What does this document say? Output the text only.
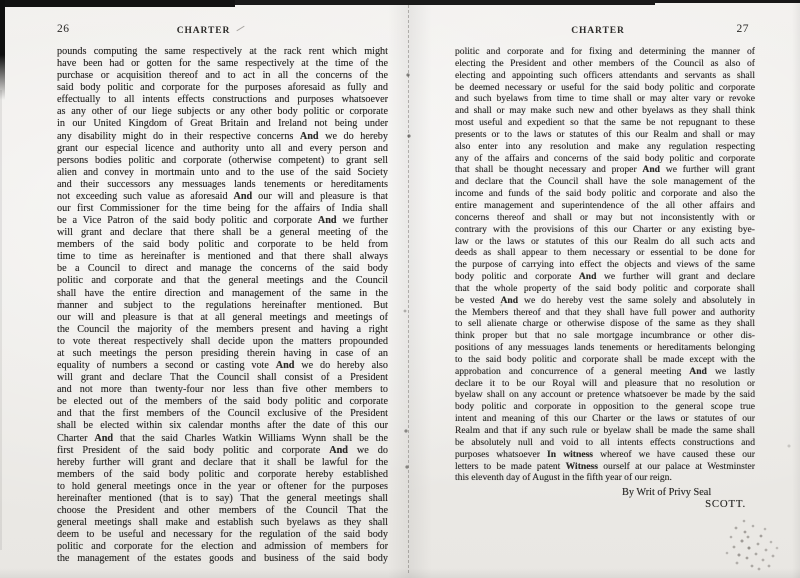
26	CHARTER
pounds computing the same respectively at the rack rent which might
have been had or gotten for the same respectively at the time of the
purchase or acquisition thereof and to act in all the concerns of the
said body politic and corporate for the purposes aforesaid as fully and
effectually to all intents effects constructions and purposes whatsoever
as any other of our liege subjects or any other body politic or corporate
in our United Kingdom of Great Britain and Ireland not being under
any disability might do in their respective concerns And we do hereby
grant our especial licence and authority unto all and every person and
persons bodies politic and corporate (otherwise competent) to grant sell
alien and convey in mortmain unto and to the use of the said Society
and their successors any messuages lands tenements or hereditaments
not exceeding such value as aforesaid And our will and pleasure is that
our first Commissioner for the time being for the affairs of India shall
be a Vice Patron of the said body politic and corporate And we further
will grant and declare that there shall be a general meeting of the
members of the said body politic and corporate to be held from
time to time as hereinafter is mentioned and that there shall always
be a Council to direct and manage the concerns of the said body
politic and corporate and that the general meetings and the Council
shall have the entire direction and management of the same in the
manner and subject to the regulations hereinafter mentioned. But
our will and pleasure is that at all general meetings and meetings of
the Council the majority of the members present and having a right
to vote thereat respectively shall decide upon the matters propounded
at such meetings the person presiding therein having in case of an
equality of numbers a second or casting vote And we do hereby also
will grant and declare That the Council shall consist of a President
and not more than twenty-four nor less than five other members to
be elected out of the members of the said body politic and corporate
and that the first members of the Council exclusive of the President
shall be elected within six calendar months after the date of this our
Charter And that the said Charles Watkin Williams Wynn shall be the
first President of the said body politic and corporate And we do
hereby further will grant and declare that it shall be lawful for the
members of the said body politic and corporate hereby established
to hold general meetings once in the year or oftener for the purposes
hereinafter mentioned (that is to say) That the general meetings shall
choose the President and other members of the Council That the
general meetings shall make and establish such byelaws as they shall
deem to be useful and necessary for the regulation of the said body
politic and corporate for the election and admission of members for
the management of the estates goods and business of the said body
CHARTER	27
politic and corporate and for fixing and determining the manner of
electing the President and other members of the Council as also of
electing and appointing such officers attendants and servants as shall
be deemed necessary or useful for the said body politic and corporate
and such byelaws from time to time shall or may alter vary or revoke
and shall or may make such new and other byelaws as they shall think
most useful and expedient so that the same be not repugnant to these
presents or to the laws or statutes of this our Realm and shall or may
also enter into any resolution and make any regulation respecting
any of the affairs and concerns of the said body politic and corporate
that shall be thought necessary and proper And we further will grant
and declare that the Council shall have the sole management of the
income and funds of the said body politic and corporate and also the
entire management and superintendence of the all other affairs and
concerns thereof and shall or may but not inconsistently with or
contrary with the provisions of this our Charter or any existing bye-
law or the laws or statutes of this our Realm do all such acts and
deeds as shall appear to them necessary or essential to be done for
the purpose of carrying into effect the objects and views of the same
body politic and corporate And we further will grant and declare
that the whole property of the said body politic and corporate shall
be vested And we do hereby vest the same solely and absolutely in
the Members thereof and that they shall have full power and authority
to sell alienate charge or otherwise dispose of the same as they shall
think proper but that no sale mortgage incumbrance or other dis-
positions of any messuages lands tenements or hereditaments belonging
to the said body politic and corporate shall be made except with the
approbation and concurrence of a general meeting And we lastly
declare it to be our Royal will and pleasure that no resolution or
byelaw shall on any account or pretence whatsoever be made by the said
body politic and corporate in opposition to the general scope true
intent and meaning of this our Charter or the laws or statutes of our
Realm and that if any such rule or byelaw shall be made the same shall
be absolutely null and void to all intents effects constructions and
purposes whatsoever In witness whereof we have caused these our
letters to be made patent Witness ourself at our palace at Westminster
this eleventh day of August in the fifth year of our reign.
By Writ of Privy Seal
SCOTT.
